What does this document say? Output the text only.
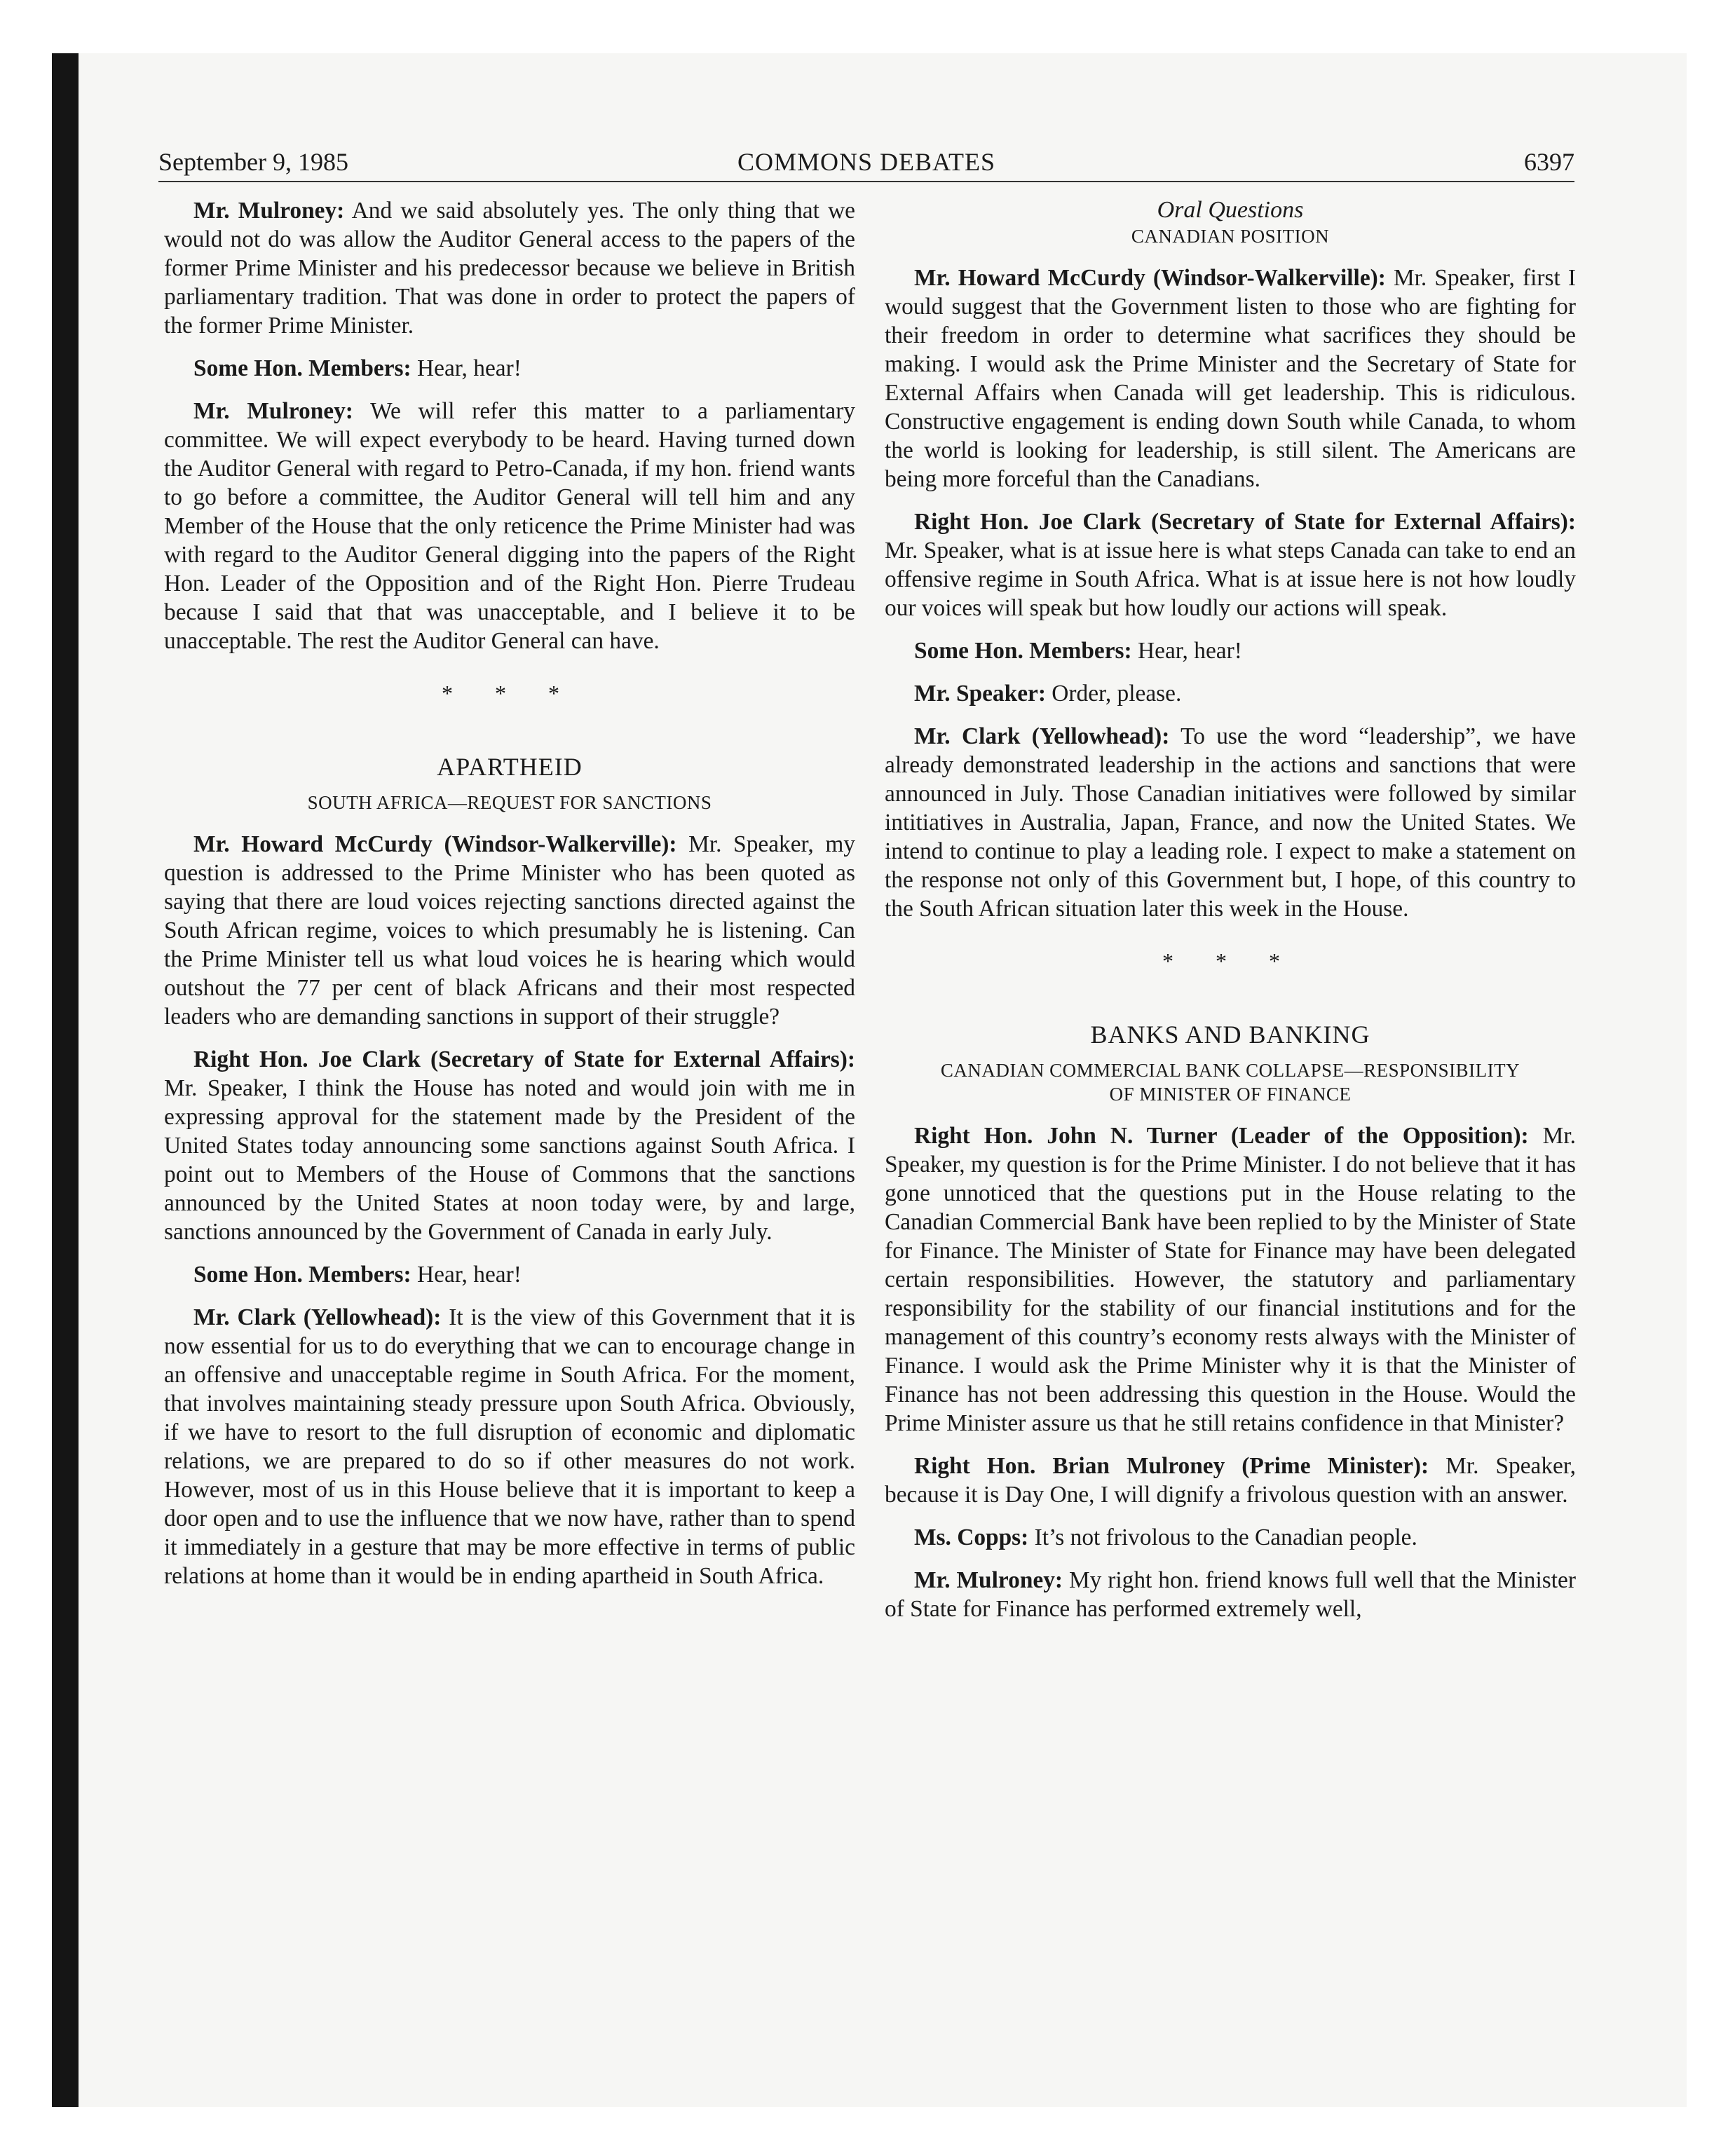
September 9, 1985	COMMONS DEBATES	6397

Mr. Mulroney: And we said absolutely yes. The only thing that we would not do was allow the Auditor General access to the papers of the former Prime Minister and his predecessor because we believe in British parliamentary tradition. That was done in order to protect the papers of the former Prime Minister.

Some Hon. Members: Hear, hear!

Mr. Mulroney: We will refer this matter to a parliamentary committee. We will expect everybody to be heard. Having turned down the Auditor General with regard to Petro-Canada, if my hon. friend wants to go before a committee, the Auditor General will tell him and any Member of the House that the only reticence the Prime Minister had was with regard to the Auditor General digging into the papers of the Right Hon. Leader of the Opposition and of the Right Hon. Pierre Trudeau because I said that that was unacceptable, and I believe it to be unacceptable. The rest the Auditor General can have.

* * *
APARTHEID
SOUTH AFRICA—REQUEST FOR SANCTIONS

Mr. Howard McCurdy (Windsor-Walkerville): Mr. Speaker, my question is addressed to the Prime Minister who has been quoted as saying that there are loud voices rejecting sanctions directed against the South African regime, voices to which presumably he is listening. Can the Prime Minister tell us what loud voices he is hearing which would outshout the 77 per cent of black Africans and their most respected leaders who are demanding sanctions in support of their struggle?

Right Hon. Joe Clark (Secretary of State for External Affairs): Mr. Speaker, I think the House has noted and would join with me in expressing approval for the statement made by the President of the United States today announcing some sanctions against South Africa. I point out to Members of the House of Commons that the sanctions announced by the United States at noon today were, by and large, sanctions announced by the Government of Canada in early July.

Some Hon. Members: Hear, hear!

Mr. Clark (Yellowhead): It is the view of this Government that it is now essential for us to do everything that we can to encourage change in an offensive and unacceptable regime in South Africa. For the moment, that involves maintaining steady pressure upon South Africa. Obviously, if we have to resort to the full disruption of economic and diplomatic relations, we are prepared to do so if other measures do not work. However, most of us in this House believe that it is important to keep a door open and to use the influence that we now have, rather than to spend it immediately in a gesture that may be more effective in terms of public relations at home than it would be in ending apartheid in South Africa.

Oral Questions
CANADIAN POSITION

Mr. Howard McCurdy (Windsor-Walkerville): Mr. Speaker, first I would suggest that the Government listen to those who are fighting for their freedom in order to determine what sacrifices they should be making. I would ask the Prime Minister and the Secretary of State for External Affairs when Canada will get leadership. This is ridiculous. Constructive engagement is ending down South while Canada, to whom the world is looking for leadership, is still silent. The Americans are being more forceful than the Canadians.

Right Hon. Joe Clark (Secretary of State for External Affairs): Mr. Speaker, what is at issue here is what steps Canada can take to end an offensive regime in South Africa. What is at issue here is not how loudly our voices will speak but how loudly our actions will speak.

Some Hon. Members: Hear, hear!

Mr. Speaker: Order, please.

Mr. Clark (Yellowhead): To use the word “leadership”, we have already demonstrated leadership in the actions and sanctions that were announced in July. Those Canadian initiatives were followed by similar intitiatives in Australia, Japan, France, and now the United States. We intend to continue to play a leading role. I expect to make a statement on the response not only of this Government but, I hope, of this country to the South African situation later this week in the House.

* * *
BANKS AND BANKING
CANADIAN COMMERCIAL BANK COLLAPSE—RESPONSIBILITY
OF MINISTER OF FINANCE

Right Hon. John N. Turner (Leader of the Opposition): Mr. Speaker, my question is for the Prime Minister. I do not believe that it has gone unnoticed that the questions put in the House relating to the Canadian Commercial Bank have been replied to by the Minister of State for Finance. The Minister of State for Finance may have been delegated certain responsibilities. However, the statutory and parliamentary responsibility for the stability of our financial institutions and for the management of this country’s economy rests always with the Minister of Finance. I would ask the Prime Minister why it is that the Minister of Finance has not been addressing this question in the House. Would the Prime Minister assure us that he still retains confidence in that Minister?

Right Hon. Brian Mulroney (Prime Minister): Mr. Speaker, because it is Day One, I will dignify a frivolous question with an answer.

Ms. Copps: It’s not frivolous to the Canadian people.

Mr. Mulroney: My right hon. friend knows full well that the Minister of State for Finance has performed extremely well,
